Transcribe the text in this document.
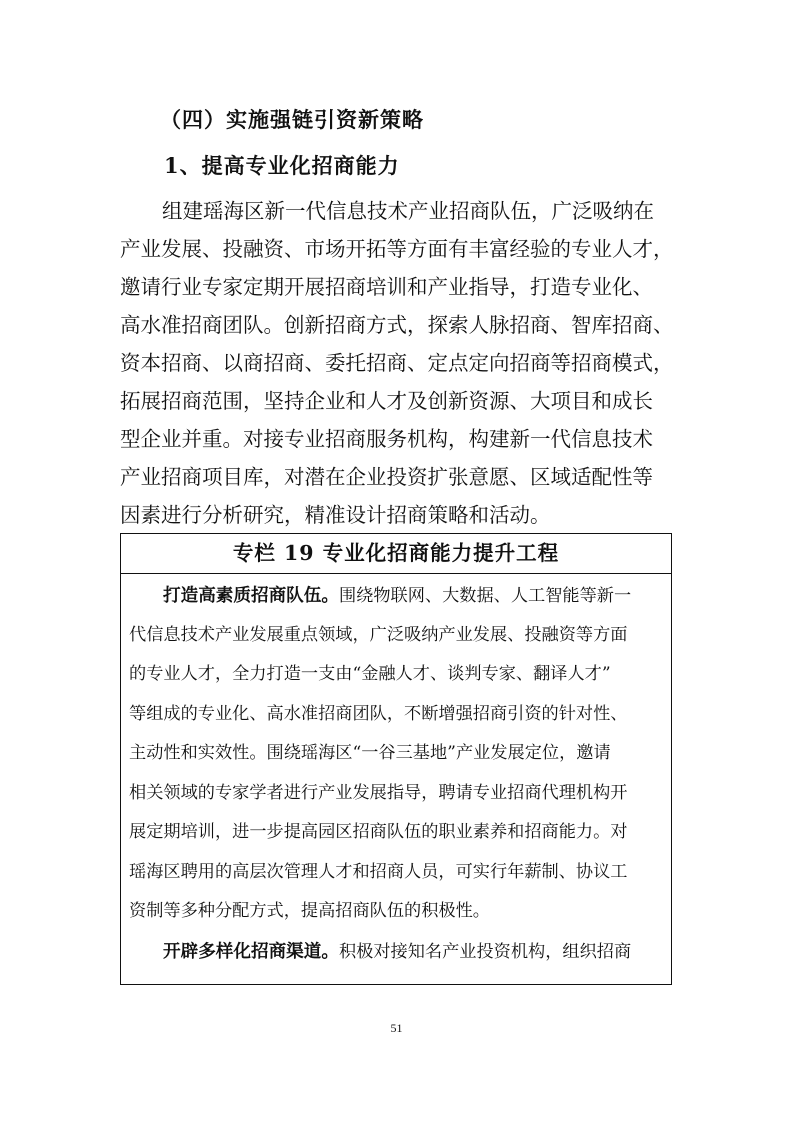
（四）实施强链引资新策略
1、提高专业化招商能力
组建瑶海区新一代信息技术产业招商队伍，广泛吸纳在
产业发展、投融资、市场开拓等方面有丰富经验的专业人才，
邀请行业专家定期开展招商培训和产业指导，打造专业化、
高水准招商团队。创新招商方式，探索人脉招商、智库招商、
资本招商、以商招商、委托招商、定点定向招商等招商模式，
拓展招商范围，坚持企业和人才及创新资源、大项目和成长
型企业并重。对接专业招商服务机构，构建新一代信息技术
产业招商项目库，对潜在企业投资扩张意愿、区域适配性等
因素进行分析研究，精准设计招商策略和活动。
专栏 19 专业化招商能力提升工程
打造高素质招商队伍。围绕物联网、大数据、人工智能等新一
代信息技术产业发展重点领域，广泛吸纳产业发展、投融资等方面
的专业人才，全力打造一支由“金融人才、谈判专家、翻译人才”
等组成的专业化、高水准招商团队，不断增强招商引资的针对性、
主动性和实效性。围绕瑶海区“一谷三基地”产业发展定位，邀请
相关领域的专家学者进行产业发展指导，聘请专业招商代理机构开
展定期培训，进一步提高园区招商队伍的职业素养和招商能力。对
瑶海区聘用的高层次管理人才和招商人员，可实行年薪制、协议工
资制等多种分配方式，提高招商队伍的积极性。
开辟多样化招商渠道。积极对接知名产业投资机构，组织招商
51
